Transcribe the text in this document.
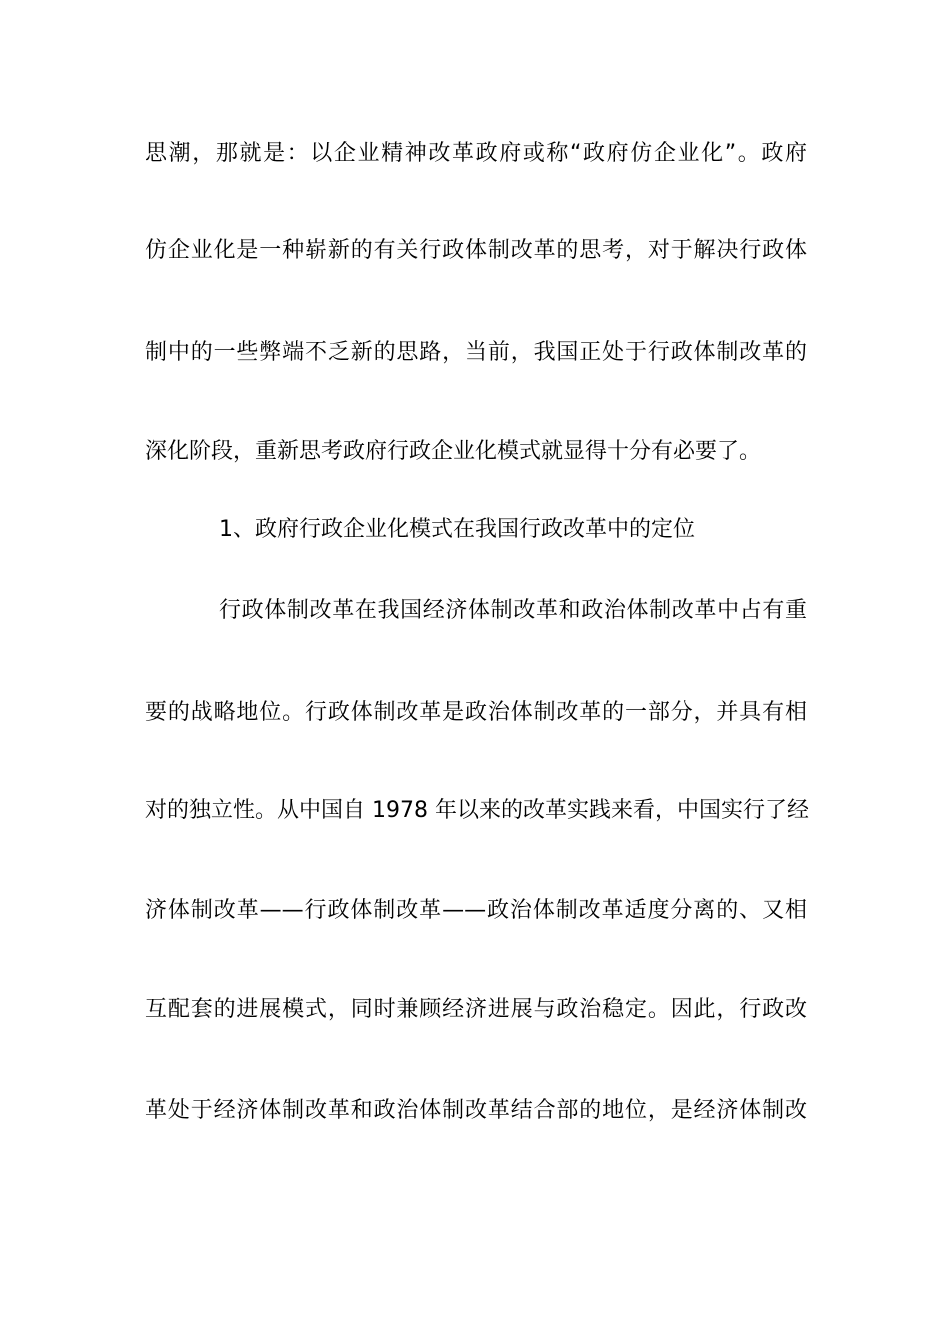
思潮，那就是：以企业精神改革政府或称“政府仿企业化”。政府
仿企业化是一种崭新的有关行政体制改革的思考，对于解决行政体
制中的一些弊端不乏新的思路，当前，我国正处于行政体制改革的
深化阶段，重新思考政府行政企业化模式就显得十分有必要了。
1、政府行政企业化模式在我国行政改革中的定位
行政体制改革在我国经济体制改革和政治体制改革中占有重
要的战略地位。行政体制改革是政治体制改革的一部分，并具有相
对的独立性。从中国自 1978 年以来的改革实践来看，中国实行了经
济体制改革——行政体制改革——政治体制改革适度分离的、又相
互配套的进展模式，同时兼顾经济进展与政治稳定。因此，行政改
革处于经济体制改革和政治体制改革结合部的地位，是经济体制改
